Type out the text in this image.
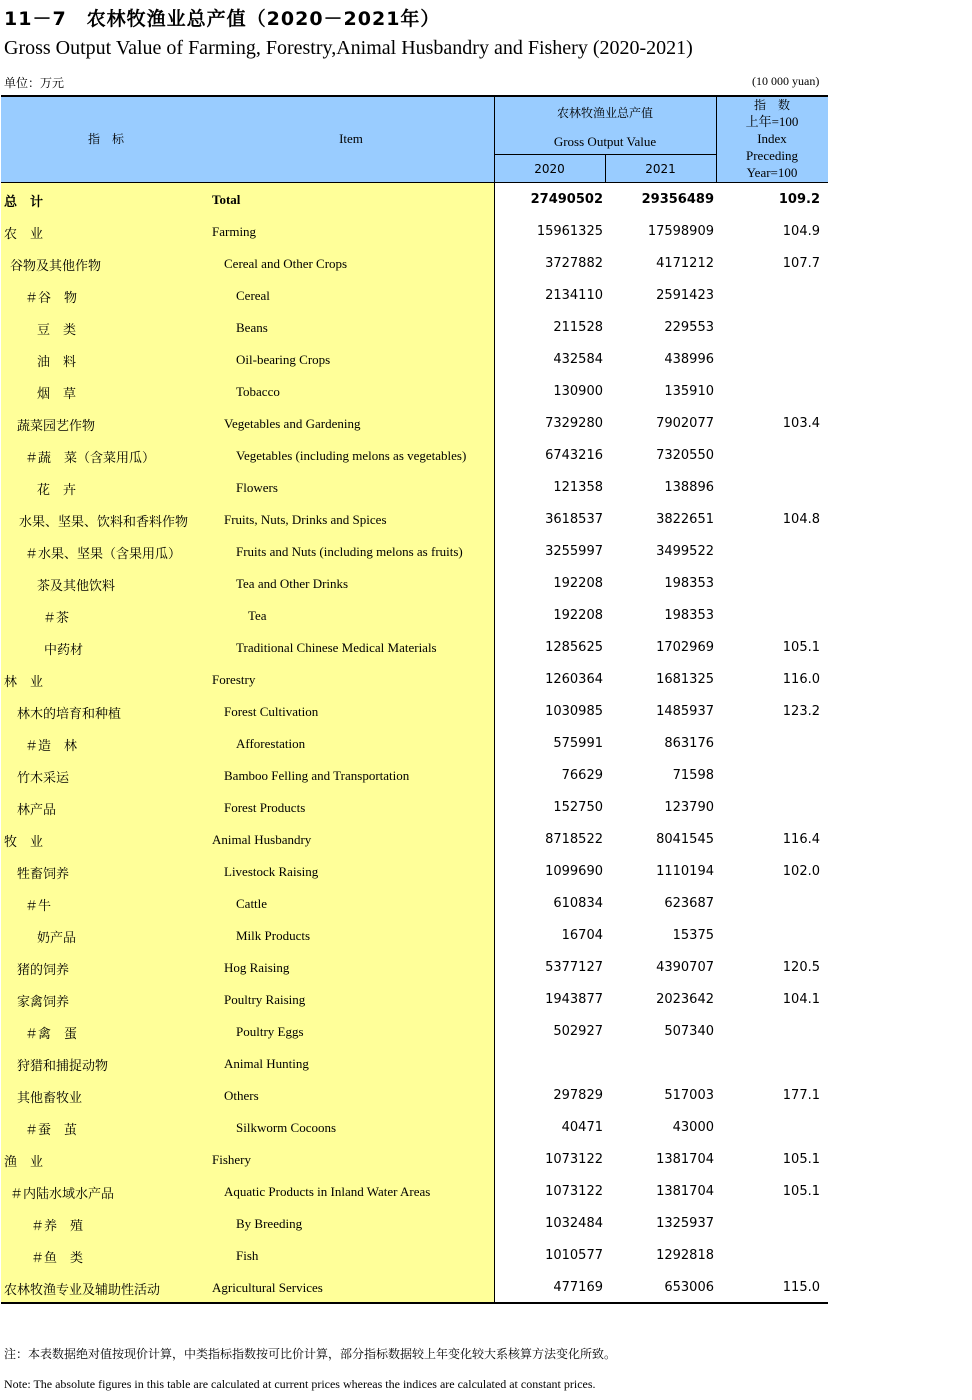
11－7　农林牧渔业总产值（2020－2021年）
Gross Output Value of Farming, Forestry,Animal Husbandry and Fishery (2020-2021)
单位：万元	(10 000 yuan)
指　标	Item
农林牧渔业总产值
Gross Output Value
2020	2021
指　数
上年=100
Index
Preceding
Year=100
总　计	Total	27490502	29356489	109.2
农　业	Farming	15961325	17598909	104.9
谷物及其他作物	Cereal and Other Crops	3727882	4171212	107.7
＃谷　物	Cereal	2134110	2591423
豆　类	Beans	211528	229553
油　料	Oil-bearing Crops	432584	438996
烟　草	Tobacco	130900	135910
蔬菜园艺作物	Vegetables and Gardening	7329280	7902077	103.4
＃蔬　菜（含菜用瓜）	Vegetables (including melons as vegetables)	6743216	7320550
花　卉	Flowers	121358	138896
水果、坚果、饮料和香料作物	Fruits, Nuts, Drinks and Spices	3618537	3822651	104.8
＃水果、坚果（含果用瓜）	Fruits and Nuts (including melons as fruits)	3255997	3499522
茶及其他饮料	Tea and Other Drinks	192208	198353
＃茶	Tea	192208	198353
中药材	Traditional Chinese Medical Materials	1285625	1702969	105.1
林　业	Forestry	1260364	1681325	116.0
林木的培育和种植	Forest Cultivation	1030985	1485937	123.2
＃造　林	Afforestation	575991	863176
竹木采运	Bamboo Felling and Transportation	76629	71598
林产品	Forest Products	152750	123790
牧　业	Animal Husbandry	8718522	8041545	116.4
牲畜饲养	Livestock Raising	1099690	1110194	102.0
＃牛	Cattle	610834	623687
奶产品	Milk Products	16704	15375
猪的饲养	Hog Raising	5377127	4390707	120.5
家禽饲养	Poultry Raising	1943877	2023642	104.1
＃禽　蛋	Poultry Eggs	502927	507340
狩猎和捕捉动物	Animal Hunting
其他畜牧业	Others	297829	517003	177.1
＃蚕　茧	Silkworm Cocoons	40471	43000
渔　业	Fishery	1073122	1381704	105.1
＃内陆水域水产品	Aquatic Products in Inland Water Areas	1073122	1381704	105.1
＃养　殖	By Breeding	1032484	1325937
＃鱼　类	Fish	1010577	1292818
农林牧渔专业及辅助性活动	Agricultural Services	477169	653006	115.0
注：本表数据绝对值按现价计算，中类指标指数按可比价计算，部分指标数据较上年变化较大系核算方法变化所致。
Note: The absolute figures in this table are calculated at current prices whereas the indices are calculated at constant prices.
